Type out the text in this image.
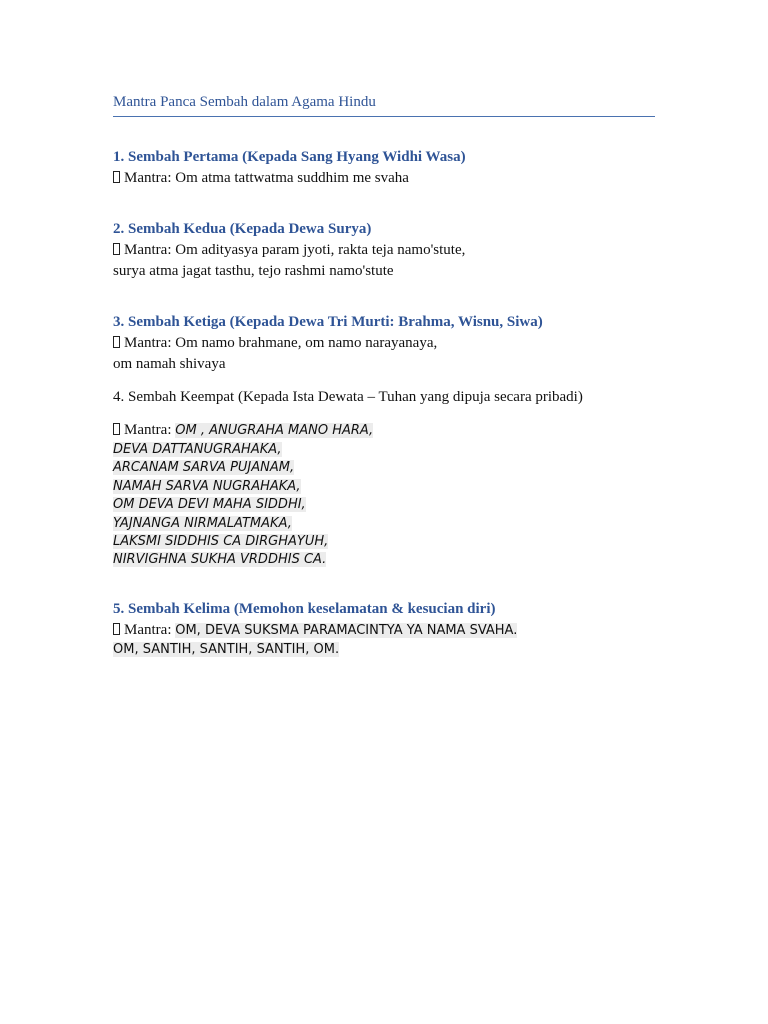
Mantra Panca Sembah dalam Agama Hindu
1. Sembah Pertama (Kepada Sang Hyang Widhi Wasa)
Mantra: Om atma tattwatma suddhim me svaha
2. Sembah Kedua (Kepada Dewa Surya)
Mantra: Om adityasya param jyoti, rakta teja namo'stute,
surya atma jagat tasthu, tejo rashmi namo'stute
3. Sembah Ketiga (Kepada Dewa Tri Murti: Brahma, Wisnu, Siwa)
Mantra: Om namo brahmane, om namo narayanaya,
om namah shivaya
4. Sembah Keempat (Kepada Ista Dewata – Tuhan yang dipuja secara pribadi)
Mantra: OM , ANUGRAHA MANO HARA,
DEVA DATTANUGRAHAKA,
ARCANAM SARVA PUJANAM,
NAMAH SARVA NUGRAHAKA,
OM DEVA DEVI MAHA SIDDHI,
YAJNANGA NIRMALATMAKA,
LAKSMI SIDDHIS CA DIRGHAYUH,
NIRVIGHNA SUKHA VRDDHIS CA.
5. Sembah Kelima (Memohon keselamatan & kesucian diri)
Mantra: OM, DEVA SUKSMA PARAMACINTYA YA NAMA SVAHA.
OM, SANTIH, SANTIH, SANTIH, OM.
